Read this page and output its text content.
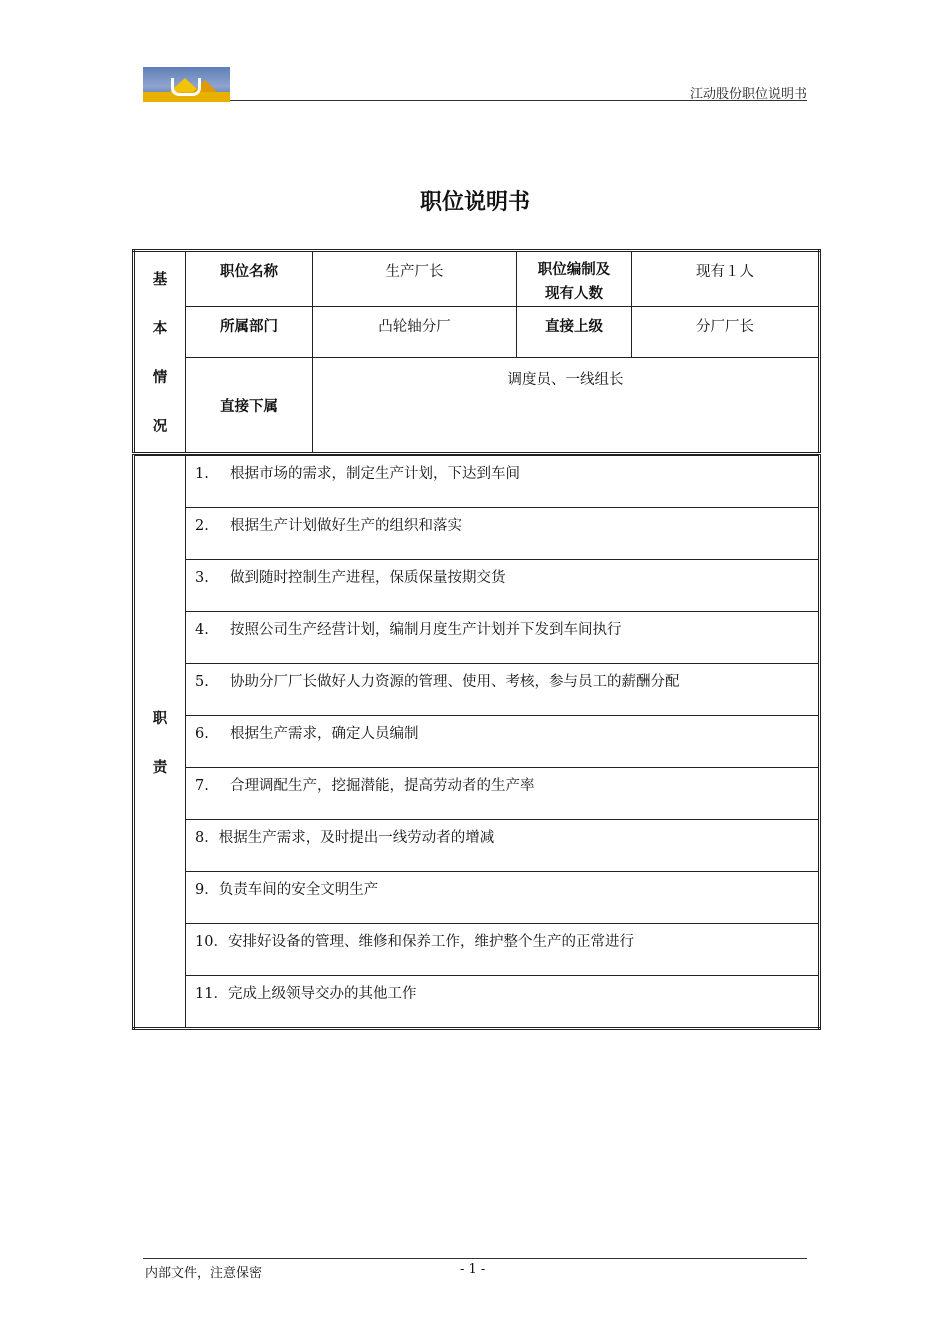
江动股份职位说明书
职位说明书
基
本
情
况	职位名称	生产厂长	职位编制及
现有人数	现有１人
	所属部门	凸轮轴分厂	直接上级	分厂厂长
	直接下属	调度员、一线组长		

职
责	1. 根据市场的需求，制定生产计划，下达到车间			
	2. 根据生产计划做好生产的组织和落实			
	3. 做到随时控制生产进程，保质保量按期交货			
	4. 按照公司生产经营计划，编制月度生产计划并下发到车间执行			
	5. 协助分厂厂长做好人力资源的管理、使用、考核，参与员工的薪酬分配			
	6. 根据生产需求，确定人员编制			
	7. 合理调配生产，挖掘潜能，提高劳动者的生产率			
	8．根据生产需求，及时提出一线劳动者的增减			
	9．负责车间的安全文明生产			
	10．安排好设备的管理、维修和保养工作，维护整个生产的正常进行			
	11．完成上级领导交办的其他工作			
内部文件，注意保密	- 1 -
